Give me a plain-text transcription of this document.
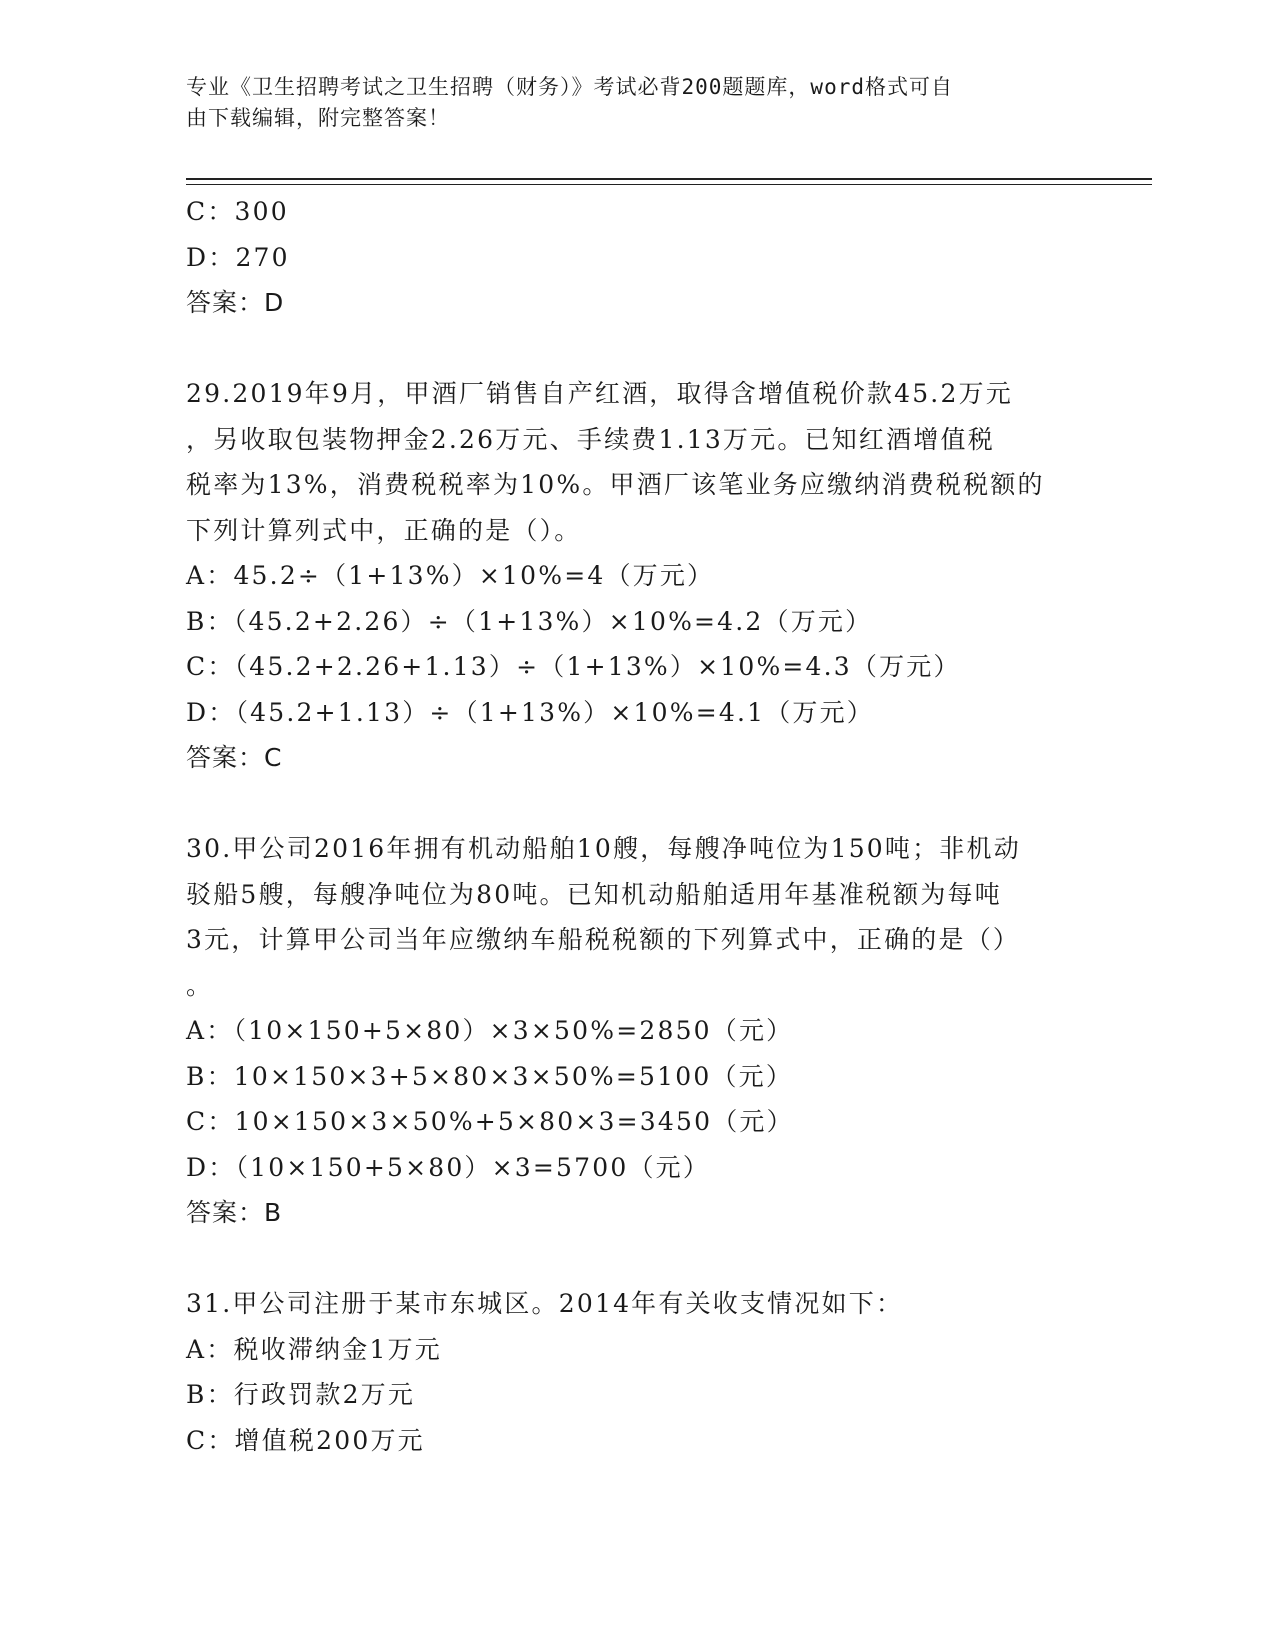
专业《卫生招聘考试之卫生招聘（财务）》考试必背200题题库，word格式可自
由下载编辑，附完整答案！
C：300
D：270
答案：D
29.2019年9月，甲酒厂销售自产红酒，取得含增值税价款45.2万元
，另收取包装物押金2.26万元、手续费1.13万元。已知红酒增值税
税率为13%，消费税税率为10%。甲酒厂该笔业务应缴纳消费税税额的
下列计算列式中，正确的是（）。
A：45.2÷（1+13%）×10%=4（万元）
B：（45.2+2.26）÷（1+13%）×10%=4.2（万元）
C：（45.2+2.26+1.13）÷（1+13%）×10%=4.3（万元）
D：（45.2+1.13）÷（1+13%）×10%=4.1（万元）
答案：C
30.甲公司2016年拥有机动船舶10艘，每艘净吨位为150吨；非机动
驳船5艘，每艘净吨位为80吨。已知机动船舶适用年基准税额为每吨
3元，计算甲公司当年应缴纳车船税税额的下列算式中，正确的是（）
。
A：（10×150+5×80）×3×50%=2850（元）
B：10×150×3+5×80×3×50%=5100（元）
C：10×150×3×50%+5×80×3=3450（元）
D：（10×150+5×80）×3=5700（元）
答案：B
31.甲公司注册于某市东城区。2014年有关收支情况如下：
A：税收滞纳金1万元
B：行政罚款2万元
C：增值税200万元
